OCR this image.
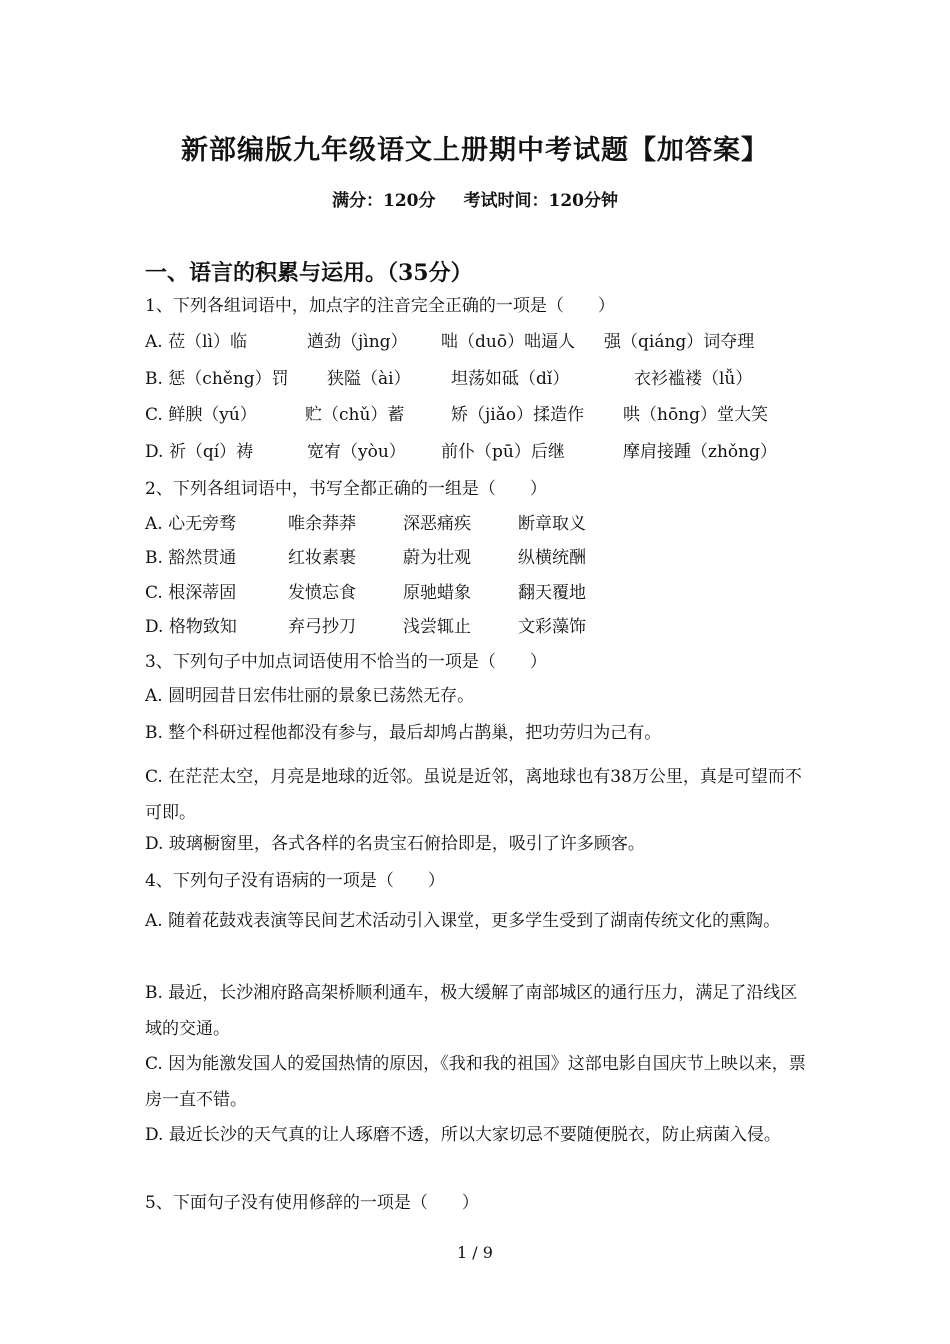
新部编版九年级语文上册期中考试题【加答案】
满分：120分 考试时间：120分钟
一、语言的积累与运用。（35分）
1、下列各组词语中，加点字的注音完全正确的一项是（　　）
A. 莅（lì）临	遒劲（jìng） 咄（duō）咄逼人 强（qiáng）词夺理
B. 惩（chěng）罚 狭隘（ài） 坦荡如砥（dǐ）	衣衫褴褛（lǚ）
C. 鲜腴（yú）	贮（chǔ）蓄	矫（jiǎo）揉造作 哄（hōng）堂大笑
D. 祈（qí）祷	宽宥（yòu） 前仆（pū）后继	摩肩接踵（zhǒng）
2、下列各组词语中，书写全都正确的一组是（　　）
A. 心无旁骛	唯余莽莽	深恶痛疾	断章取义
B. 豁然贯通	红妆素裹	蔚为壮观	纵横统酬
C. 根深蒂固	发愤忘食	原驰蜡象	翻天覆地
D. 格物致知	弃弓抄刀	浅尝辄止	文彩藻饰
3、下列句子中加点词语使用不恰当的一项是（　　）
A. 圆明园昔日宏伟壮丽的景象已荡然无存。
B. 整个科研过程他都没有参与，最后却鸠占鹊巢，把功劳归为己有。
C. 在茫茫太空，月亮是地球的近邻。虽说是近邻，离地球也有38万公里，真是可望而不可即。
D. 玻璃橱窗里，各式各样的名贵宝石俯拾即是，吸引了许多顾客。
4、下列句子没有语病的一项是（　　）
A. 随着花鼓戏表演等民间艺术活动引入课堂，更多学生受到了湖南传统文化的熏陶。
B. 最近，长沙湘府路高架桥顺利通车，极大缓解了南部城区的通行压力，满足了沿线区域的交通。
C. 因为能激发国人的爱国热情的原因，《我和我的祖国》这部电影自国庆节上映以来，票房一直不错。
D. 最近长沙的天气真的让人琢磨不透，所以大家切忌不要随便脱衣，防止病菌入侵。
5、下面句子没有使用修辞的一项是（　　）
1 / 9
